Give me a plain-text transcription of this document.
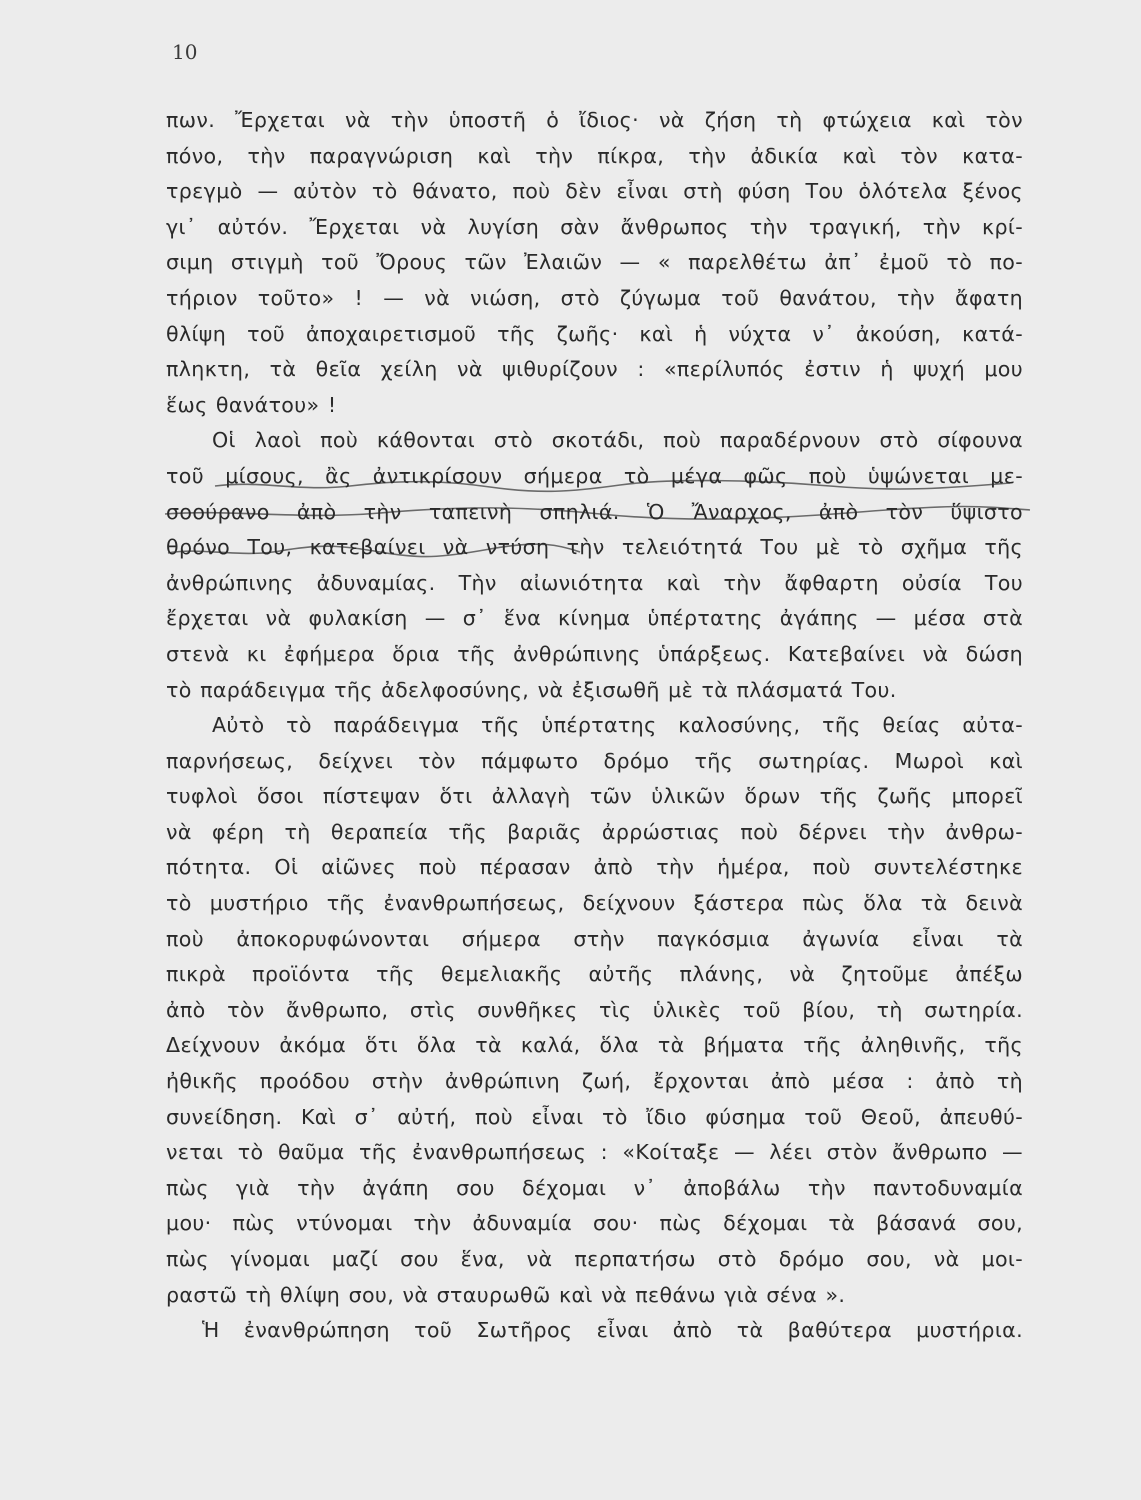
10
πων. Ἔρχεται νὰ τὴν ὑποστῆ ὁ ἴδιος· νὰ ζήση τὴ φτώχεια καὶ τὸν
πόνο, τὴν παραγνώριση καὶ τὴν πίκρα, τὴν ἀδικία καὶ τὸν κατα-
τρεγμὸ — αὐτὸν τὸ θάνατο, ποὺ δὲν εἶναι στὴ φύση Του ὁλότελα ξένος
γι᾽ αὐτόν. Ἔρχεται νὰ λυγίση σὰν ἄνθρωπος τὴν τραγική, τὴν κρί-
σιμη στιγμὴ τοῦ Ὄρους τῶν Ἐλαιῶν — « παρελθέτω ἀπ᾽ ἐμοῦ τὸ πο-
τήριον τοῦτο» ! — νὰ νιώση, στὸ ζύγωμα τοῦ θανάτου, τὴν ἄφατη
θλίψη τοῦ ἀποχαιρετισμοῦ τῆς ζωῆς· καὶ ἡ νύχτα ν᾽ ἀκούση, κατά-
πληκτη, τὰ θεῖα χείλη νὰ ψιθυρίζουν : «περίλυπός ἐστιν ἡ ψυχή μου
ἕως θανάτου» !
Οἱ λαοὶ ποὺ κάθονται στὸ σκοτάδι, ποὺ παραδέρνουν στὸ σίφουνα
τοῦ μίσους, ἂς ἀντικρίσουν σήμερα τὸ μέγα φῶς ποὺ ὑψώνεται με-
σοούρανο ἀπὸ τὴν ταπεινὴ σπηλιά. Ὁ Ἄναρχος, ἀπὸ τὸν ὕψιστο
θρόνο Του, κατεβαίνει νὰ ντύση τὴν τελειότητά Του μὲ τὸ σχῆμα τῆς
ἀνθρώπινης ἀδυναμίας. Τὴν αἰωνιότητα καὶ τὴν ἄφθαρτη οὐσία Του
ἔρχεται νὰ φυλακίση — σ᾽ ἕνα κίνημα ὑπέρτατης ἀγάπης — μέσα στὰ
στενὰ κι ἐφήμερα ὅρια τῆς ἀνθρώπινης ὑπάρξεως. Κατεβαίνει νὰ δώση
τὸ παράδειγμα τῆς ἀδελφοσύνης, νὰ ἐξισωθῆ μὲ τὰ πλάσματά Του.
Αὐτὸ τὸ παράδειγμα τῆς ὑπέρτατης καλοσύνης, τῆς θείας αὐτα-
παρνήσεως, δείχνει τὸν πάμφωτο δρόμο τῆς σωτηρίας. Μωροὶ καὶ
τυφλοὶ ὅσοι πίστεψαν ὅτι ἀλλαγὴ τῶν ὑλικῶν ὅρων τῆς ζωῆς μπορεῖ
νὰ φέρη τὴ θεραπεία τῆς βαριᾶς ἀρρώστιας ποὺ δέρνει τὴν ἀνθρω-
πότητα. Οἱ αἰῶνες ποὺ πέρασαν ἀπὸ τὴν ἡμέρα, ποὺ συντελέστηκε
τὸ μυστήριο τῆς ἐνανθρωπήσεως, δείχνουν ξάστερα πὼς ὅλα τὰ δεινὰ
ποὺ ἀποκορυφώνονται σήμερα στὴν παγκόσμια ἀγωνία εἶναι τὰ
πικρὰ προϊόντα τῆς θεμελιακῆς αὐτῆς πλάνης, νὰ ζητοῦμε ἀπέξω
ἀπὸ τὸν ἄνθρωπο, στὶς συνθῆκες τὶς ὑλικὲς τοῦ βίου, τὴ σωτηρία.
Δείχνουν ἀκόμα ὅτι ὅλα τὰ καλά, ὅλα τὰ βήματα τῆς ἀληθινῆς, τῆς
ἠθικῆς προόδου στὴν ἀνθρώπινη ζωή, ἔρχονται ἀπὸ μέσα : ἀπὸ τὴ
συνείδηση. Καὶ σ᾽ αὐτή, ποὺ εἶναι τὸ ἴδιο φύσημα τοῦ Θεοῦ, ἀπευθύ-
νεται τὸ θαῦμα τῆς ἐνανθρωπήσεως : «Κοίταξε — λέει στὸν ἄνθρωπο —
πὼς γιὰ τὴν ἀγάπη σου δέχομαι ν᾽ ἀποβάλω τὴν παντοδυναμία
μου· πὼς ντύνομαι τὴν ἀδυναμία σου· πὼς δέχομαι τὰ βάσανά σου,
πὼς γίνομαι μαζί σου ἕνα, νὰ περπατήσω στὸ δρόμο σου, νὰ μοι-
ραστῶ τὴ θλίψη σου, νὰ σταυρωθῶ καὶ νὰ πεθάνω γιὰ σένα ».
Ἡ ἐνανθρώπηση τοῦ Σωτῆρος εἶναι ἀπὸ τὰ βαθύτερα μυστήρια.
